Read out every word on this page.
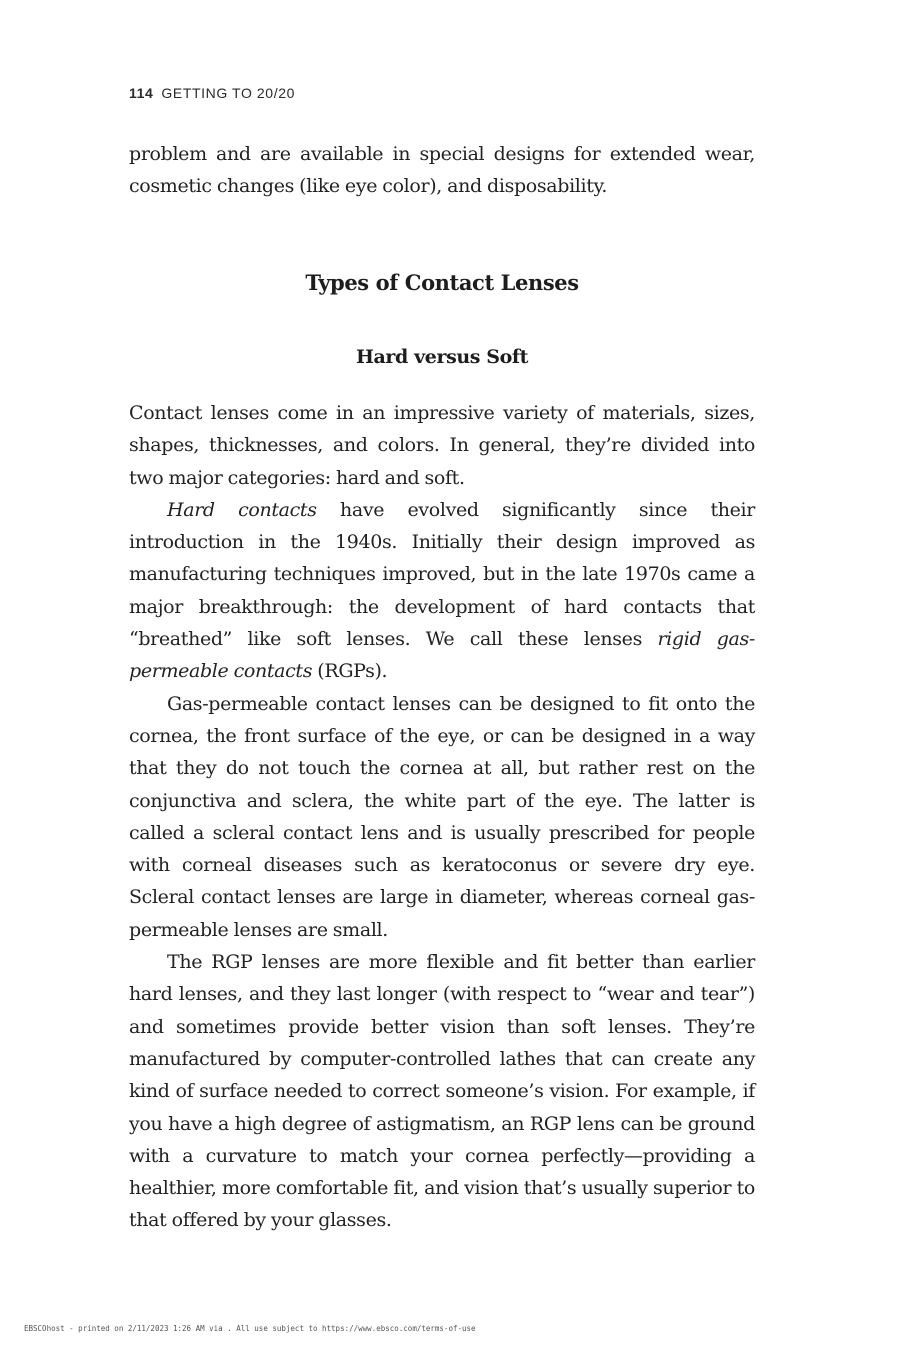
114 GETTING TO 20/20

problem and are available in special designs for extended wear,

cosmetic changes (like eye color), and disposability.

Types of Contact Lenses
Hard versus Soft

Contact lenses come in an impressive variety of materials, sizes, shapes, thicknesses, and colors. In general, they’re divided into two major categories: hard and soft.

Hard contacts have evolved significantly since their introduction in the 1940s. Initially their design improved as manufacturing techniques improved, but in the late 1970s came a major breakthrough: the development of hard contacts that “breathed” like soft lenses. We call these lenses rigid gas-permeable contacts (RGPs).

Gas-permeable contact lenses can be designed to fit onto the cornea, the front surface of the eye, or can be designed in a way that they do not touch the cornea at all, but rather rest on the conjunctiva and sclera, the white part of the eye. The latter is called a scleral contact lens and is usually prescribed for people with corneal diseases such as keratoconus or severe dry eye. Scleral contact lenses are large in diameter, whereas corneal gas-permeable lenses are small.

The RGP lenses are more flexible and fit better than earlier hard lenses, and they last longer (with respect to “wear and tear”) and sometimes provide better vision than soft lenses. They’re manufactured by computer-controlled lathes that can create any kind of surface needed to correct someone’s vision. For example, if you have a high degree of astigmatism, an RGP lens can be ground with a curvature to match your cornea perfectly—providing a healthier, more comfortable fit, and vision that’s usually superior to that offered by your glasses.

EBSCOhost - printed on 2/11/2023 1:26 AM via . All use subject to https://www.ebsco.com/terms-of-use
